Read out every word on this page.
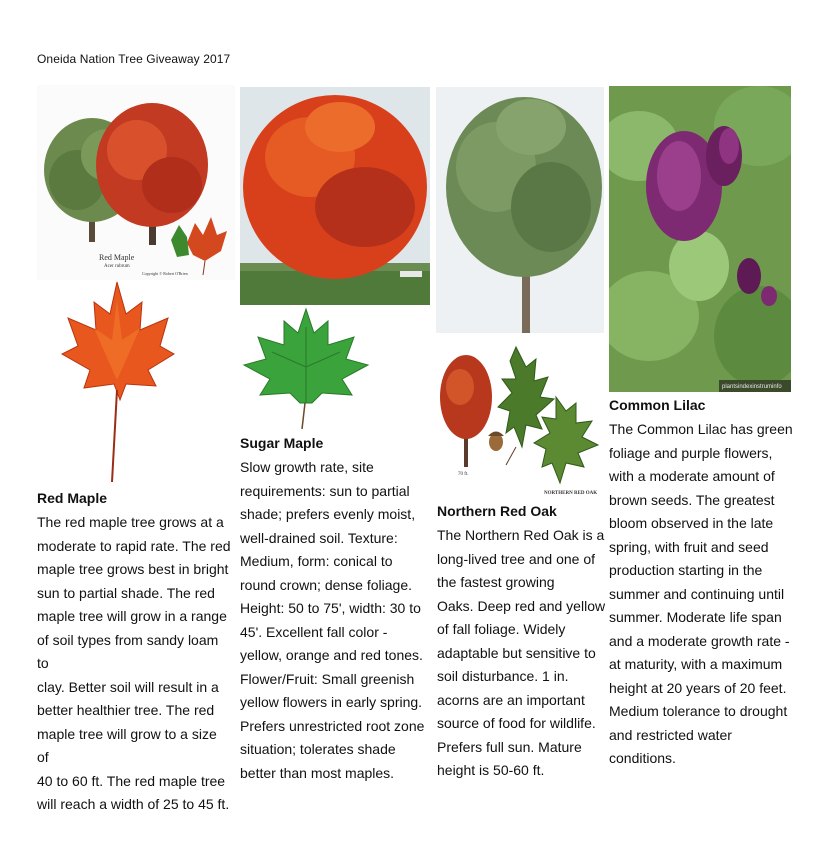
Oneida Nation Tree Giveaway 2017
Red Maple
Acer rubrum
Copyright © Robert O'Brien
Red Maple
The red maple tree grows at a
moderate to rapid rate. The red
maple tree grows best in bright
sun to partial shade. The red
maple tree will grow in a range
of soil types from sandy loam to
clay. Better soil will result in a
better healthier tree. The red
maple tree will grow to a size of
40 to 60 ft. The red maple tree
will reach a width of 25 to 45 ft.
Sugar Maple
Slow growth rate, site
requirements: sun to partial
shade; prefers evenly moist,
well-drained soil. Texture:
Medium, form: conical to
round crown; dense foliage.
Height: 50 to 75', width: 30 to
45'. Excellent fall color -
yellow, orange and red tones.
Flower/Fruit: Small greenish
yellow flowers in early spring.
Prefers unrestricted root zone
situation; tolerates shade
better than most maples.
70 ft.
NORTHERN RED OAK
Northern Red Oak
The Northern Red Oak is a
long-lived tree and one of
the fastest growing
Oaks. Deep red and yellow
of fall foliage. Widely
adaptable but sensitive to
soil disturbance. 1 in.
acorns are an important
source of food for wildlife.
Prefers full sun. Mature
height is 50-60 ft.
plantsindexinstruminfo
Common Lilac
The Common Lilac has green
foliage and purple flowers,
with a moderate amount of
brown seeds. The greatest
bloom observed in the late
spring, with fruit and seed
production starting in the
summer and continuing until
summer. Moderate life span
and a moderate growth rate -
at maturity, with a maximum
height at 20 years of 20 feet.
Medium tolerance to drought
and restricted water
conditions.
